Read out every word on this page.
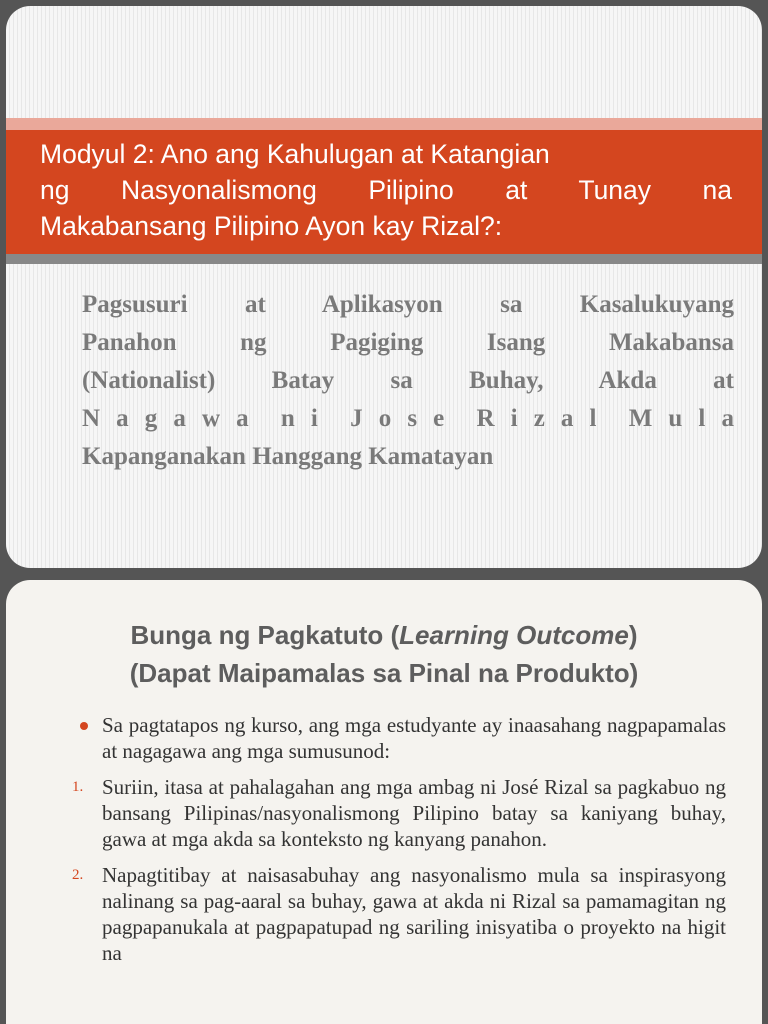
Modyul 2: Ano ang Kahulugan at Katangian
ng Nasyonalismong Pilipino at Tunay na
Makabansang Pilipino Ayon kay Rizal?:

Pagsusuri at Aplikasyon sa Kasalukuyang
Panahon ng Pagiging Isang Makabansa
(Nationalist) Batay sa Buhay, Akda at
N a g a w a  n i  J o s e  R i z a l  M u l a
Kapanganakan Hanggang Kamatayan

Bunga ng Pagkatuto (Learning Outcome)
(Dapat Maipamalas sa Pinal na Produkto)
Sa pagtatapos ng kurso, ang mga estudyante ay inaasahang nagpapamalas at nagagawa ang mga sumusunod:
1. Suriin, itasa at pahalagahan ang mga ambag ni José Rizal sa pagkabuo ng bansang Pilipinas/nasyonalismong Pilipino batay sa kaniyang buhay, gawa at mga akda sa konteksto ng kanyang panahon.
2. Napagtitibay at naisasabuhay ang nasyonalismo mula sa inspirasyong nalinang sa pag-aaral sa buhay, gawa at akda ni Rizal sa pamamagitan ng pagpapanukala at pagpapatupad ng sariling inisyatiba o proyekto na higit na
